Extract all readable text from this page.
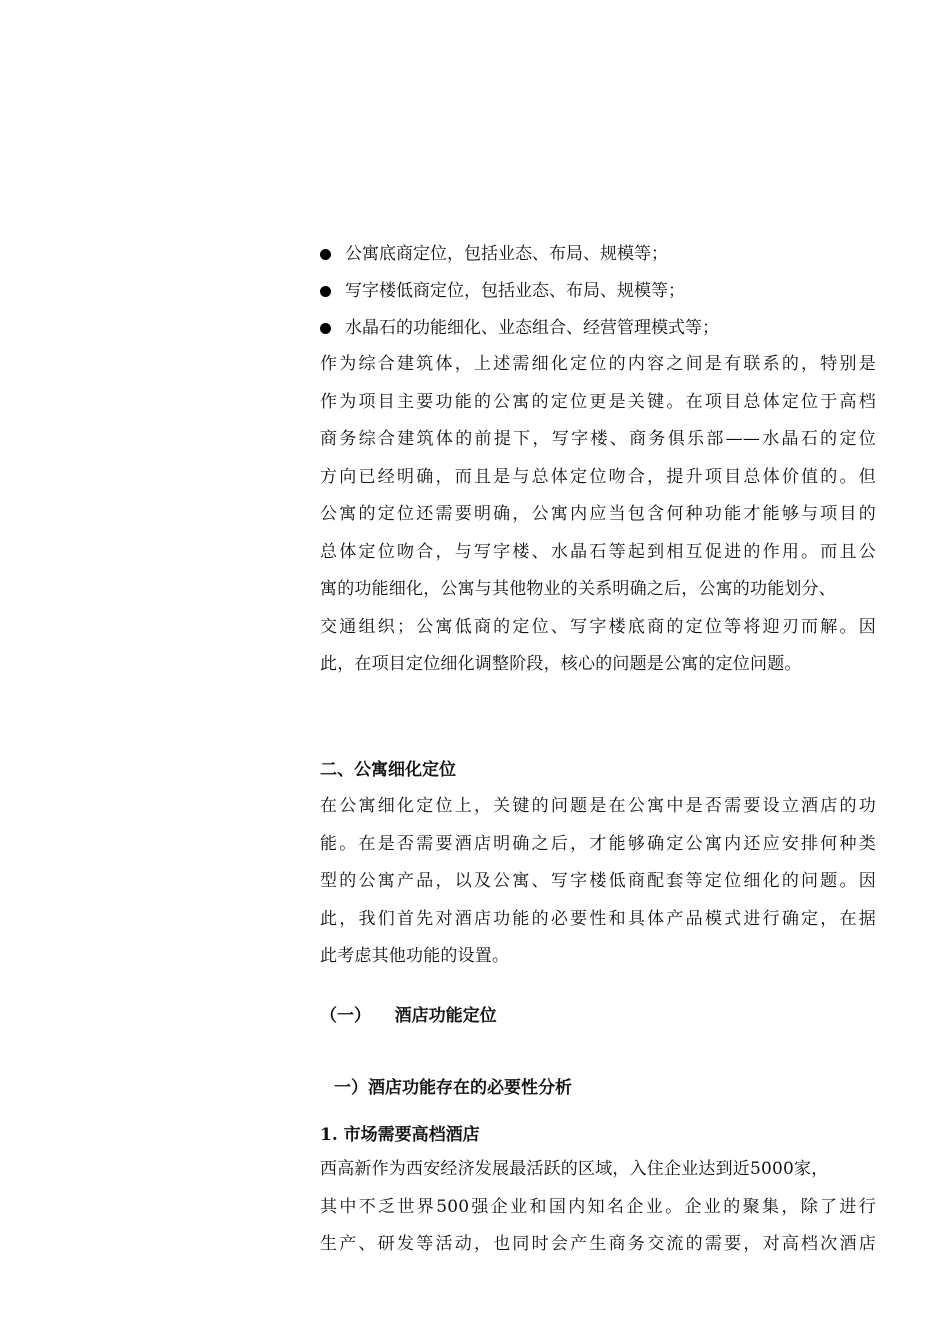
公寓底商定位，包括业态、布局、规模等；
写字楼低商定位，包括业态、布局、规模等；
水晶石的功能细化、业态组合、经营管理模式等；
作为综合建筑体，上述需细化定位的内容之间是有联系的，特别是
作为项目主要功能的公寓的定位更是关键。在项目总体定位于高档
商务综合建筑体的前提下，写字楼、商务俱乐部——水晶石的定位
方向已经明确，而且是与总体定位吻合，提升项目总体价值的。但
公寓的定位还需要明确，公寓内应当包含何种功能才能够与项目的
总体定位吻合，与写字楼、水晶石等起到相互促进的作用。而且公
寓的功能细化，公寓与其他物业的关系明确之后，公寓的功能划分、
交通组织；公寓低商的定位、写字楼底商的定位等将迎刃而解。因
此，在项目定位细化调整阶段，核心的问题是公寓的定位问题。
二、公寓细化定位
在公寓细化定位上，关键的问题是在公寓中是否需要设立酒店的功
能。在是否需要酒店明确之后，才能够确定公寓内还应安排何种类
型的公寓产品，以及公寓、写字楼低商配套等定位细化的问题。因
此，我们首先对酒店功能的必要性和具体产品模式进行确定，在据
此考虑其他功能的设置。
（一）    酒店功能定位
一）酒店功能存在的必要性分析
1. 市场需要高档酒店
西高新作为西安经济发展最活跃的区域，入住企业达到近5000家，
其中不乏世界500强企业和国内知名企业。企业的聚集，除了进行
生产、研发等活动，也同时会产生商务交流的需要，对高档次酒店
